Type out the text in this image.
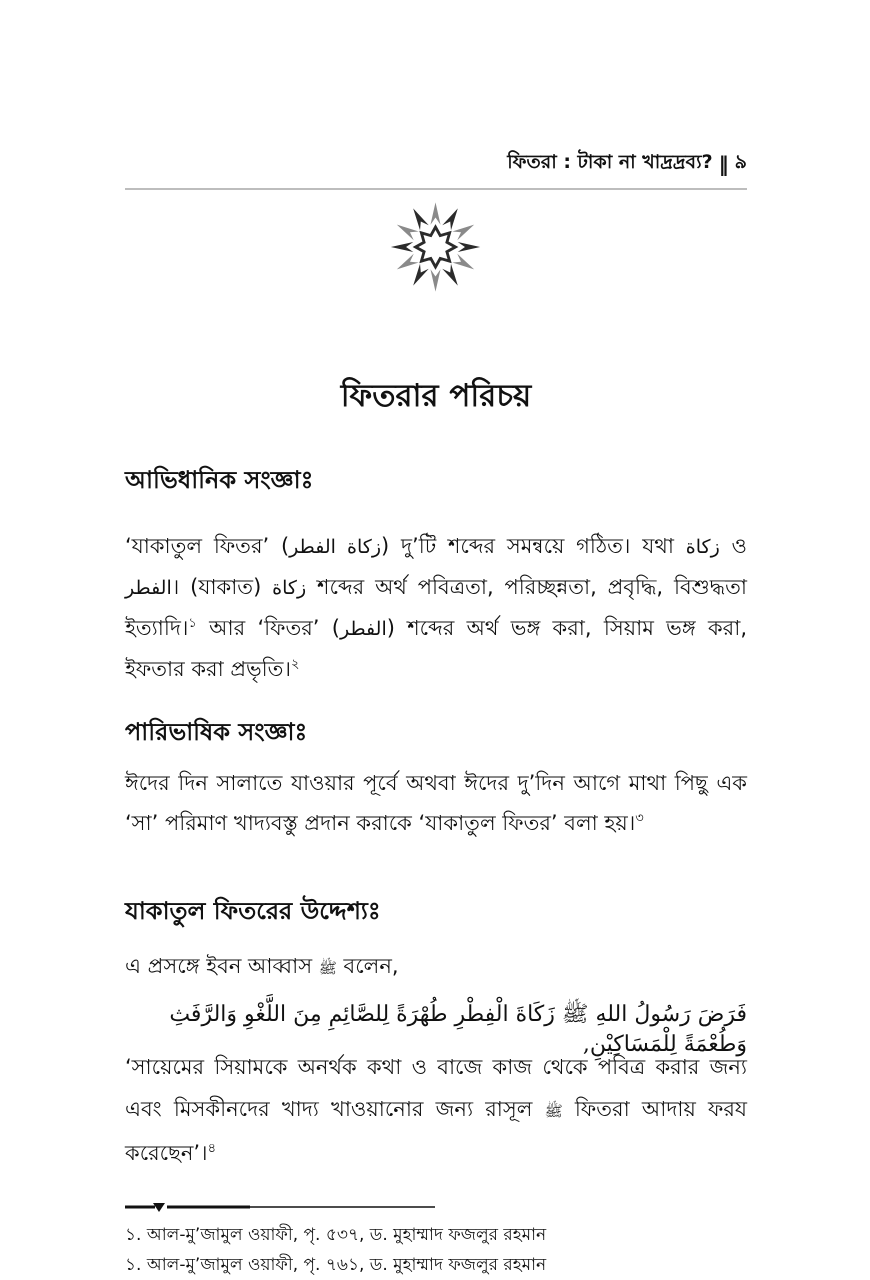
ফিতরা : টাকা না খাদ্রদ্রব্য? ‖ ৯
ফিতরার পরিচয়
আভিধানিক সংজ্ঞাঃ
‘যাকাতুল ফিতর’ (زكاة الفطر) দু’টি শব্দের সমন্বয়ে গঠিত। যথা زكاة ও الفطر। (যাকাত) زكاة শব্দের অর্থ পবিত্রতা, পরিচ্ছন্নতা, প্রবৃদ্ধি, বিশুদ্ধতা ইত্যাদি।$^১$ আর ‘ফিতর’ (الفطر) শব্দের অর্থ ভঙ্গ করা, সিয়াম ভঙ্গ করা, ইফতার করা প্রভৃতি।$^২$
পারিভাষিক সংজ্ঞাঃ
ঈদের দিন সালাতে যাওয়ার পূর্বে অথবা ঈদের দু’দিন আগে মাথা পিছু এক ‘সা’ পরিমাণ খাদ্যবস্তু প্রদান করাকে ‘যাকাতুল ফিতর’ বলা হয়।$^৩$
যাকাতুল ফিতরের উদ্দেশ্যঃ
এ প্রসঙ্গে ইবন আব্বাস ﷺ বলেন,
فَرَضَ رَسُولُ اللهِ ﷺ زَكَاةَ الْفِطْرِ طُهْرَةً لِلصَّائِمِ مِنَ اللَّغْوِ وَالرَّفَثِ وَطُعْمَةً لِلْمَسَاكِيْنِ,
‘সায়েমের সিয়ামকে অনর্থক কথা ও বাজে কাজ থেকে পবিত্র করার জন্য এবং মিসকীনদের খাদ্য খাওয়ানোর জন্য রাসূল ﷺ ফিতরা আদায় ফরয করেছেন’।$^৪$
১. আল-মু’জামুল ওয়াফী, পৃ. ৫৩৭, ড. মুহাম্মাদ ফজলুর রহমান
১. আল-মু’জামুল ওয়াফী, পৃ. ৭৬১, ড. মুহাম্মাদ ফজলুর রহমান
